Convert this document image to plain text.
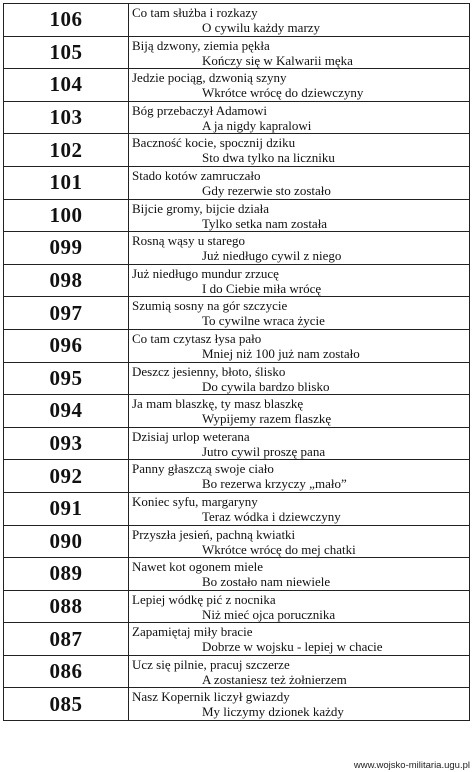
106	Co tam służba i rozkazy
O cywilu każdy marzy

105	Biją dzwony, ziemia pękła
Kończy się w Kalwarii męka

104	Jedzie pociąg, dzwonią szyny
Wkrótce wrócę do dziewczyny

103	Bóg przebaczył Adamowi
A ja nigdy kapralowi

102	Baczność kocie, spocznij dziku
Sto dwa tylko na liczniku

101	Stado kotów zamruczało
Gdy rezerwie sto zostało

100	Bijcie gromy, bijcie działa
Tylko setka nam została

099	Rosną wąsy u starego
Już niedługo cywil z niego

098	Już niedługo mundur zrzucę
I do Ciebie miła wrócę

097	Szumią sosny na gór szczycie
To cywilne wraca życie

096	Co tam czytasz łysa pało
Mniej niż 100 już nam zostało

095	Deszcz jesienny, błoto, ślisko
Do cywila bardzo blisko

094	Ja mam blaszkę, ty masz blaszkę
Wypijemy razem flaszkę

093	Dzisiaj urlop weterana
Jutro cywil proszę pana

092	Panny głaszczą swoje ciało
Bo rezerwa krzyczy „mało”

091	Koniec syfu, margaryny
Teraz wódka i dziewczyny

090	Przyszła jesień, pachną kwiatki
Wkrótce wrócę do mej chatki

089	Nawet kot ogonem miele
Bo zostało nam niewiele

088	Lepiej wódkę pić z nocnika
Niż mieć ojca porucznika

087	Zapamiętaj miły bracie
Dobrze w wojsku - lepiej w chacie

086	Ucz się pilnie, pracuj szczerze
A zostaniesz też żołnierzem

085	Nasz Kopernik liczył gwiazdy
My liczymy dzionek każdy
www.wojsko-militaria.ugu.pl
